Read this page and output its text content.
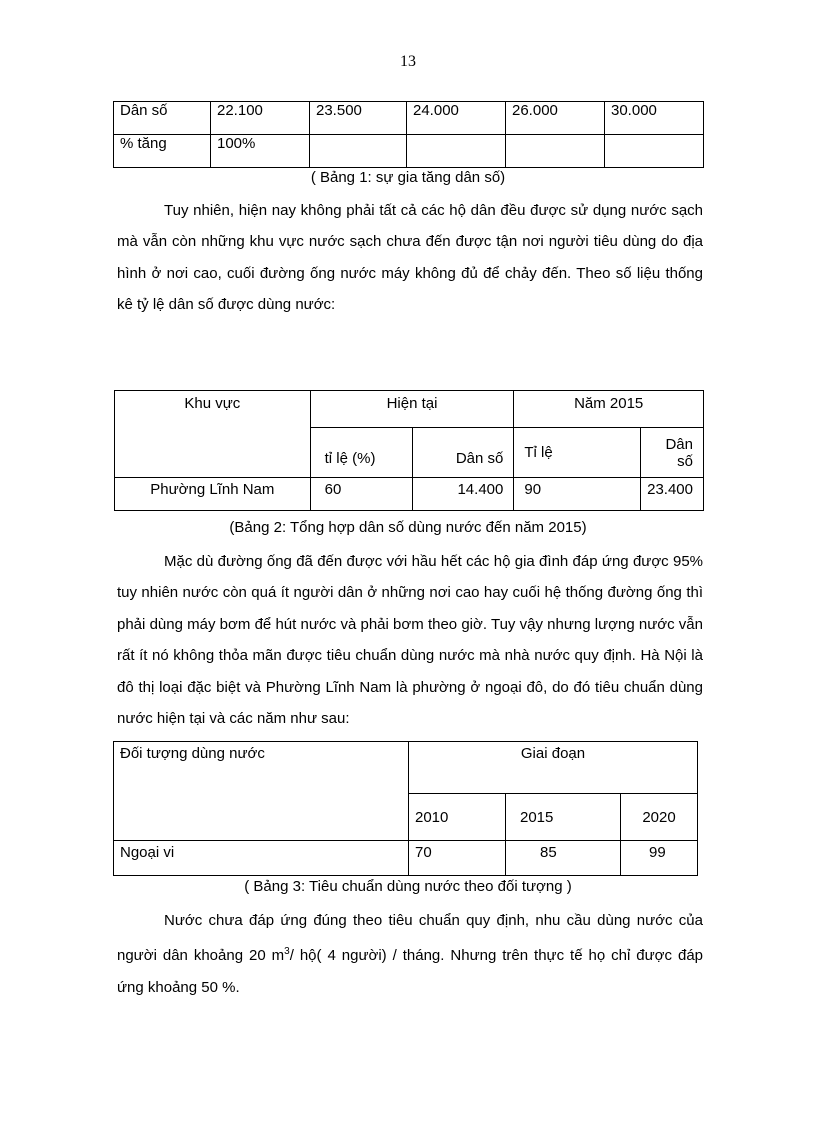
13
Dân số	22.100	23.500	24.000	26.000	30.000
% tăng	100%				
( Bảng 1: sự gia tăng dân số)

Tuy nhiên, hiện nay không phải tất cả các hộ dân đều được sử dụng nước sạch mà vẫn còn những khu vực nước sạch chưa đến được tận nơi người tiêu dùng do địa hình ở nơi cao, cuối đường ống nước máy không đủ để chảy đến. Theo số liệu thống kê tỷ lệ dân số được dùng nước:

Khu vực	Hiện tại		Năm 2015	
	tỉ lệ (%)	Dân số	Tỉ lệ	Dân số
Phường Lĩnh Nam	60	14.400	90	23.400
(Bảng 2: Tổng hợp dân số dùng nước đến năm 2015)

Mặc dù đường ống đã đến được với hầu hết các hộ gia đình đáp ứng được 95% tuy nhiên nước còn quá ít người dân ở những nơi cao hay cuối hệ thống đường ống thì phải dùng máy bơm để hút nước và phải bơm theo giờ. Tuy vậy nhưng lượng nước vẫn rất ít nó không thỏa mãn được tiêu chuẩn dùng nước mà nhà nước quy định. Hà Nội là đô thị loại đặc biệt và Phường Lĩnh Nam là phường ở ngoại đô, do đó tiêu chuẩn dùng nước hiện tại và các năm như sau:

Đối tượng dùng nước	Giai đoạn		
	2010	2015	2020
Ngoại vi	70	85	99
( Bảng 3: Tiêu chuẩn dùng nước theo đối tượng )

Nước chưa đáp ứng đúng theo tiêu chuẩn quy định, nhu cầu dùng nước của người dân khoảng 20 $m^3/$ hộ( 4 người) / tháng. Nhưng trên thực tế họ chỉ được đáp ứng khoảng 50 %.
